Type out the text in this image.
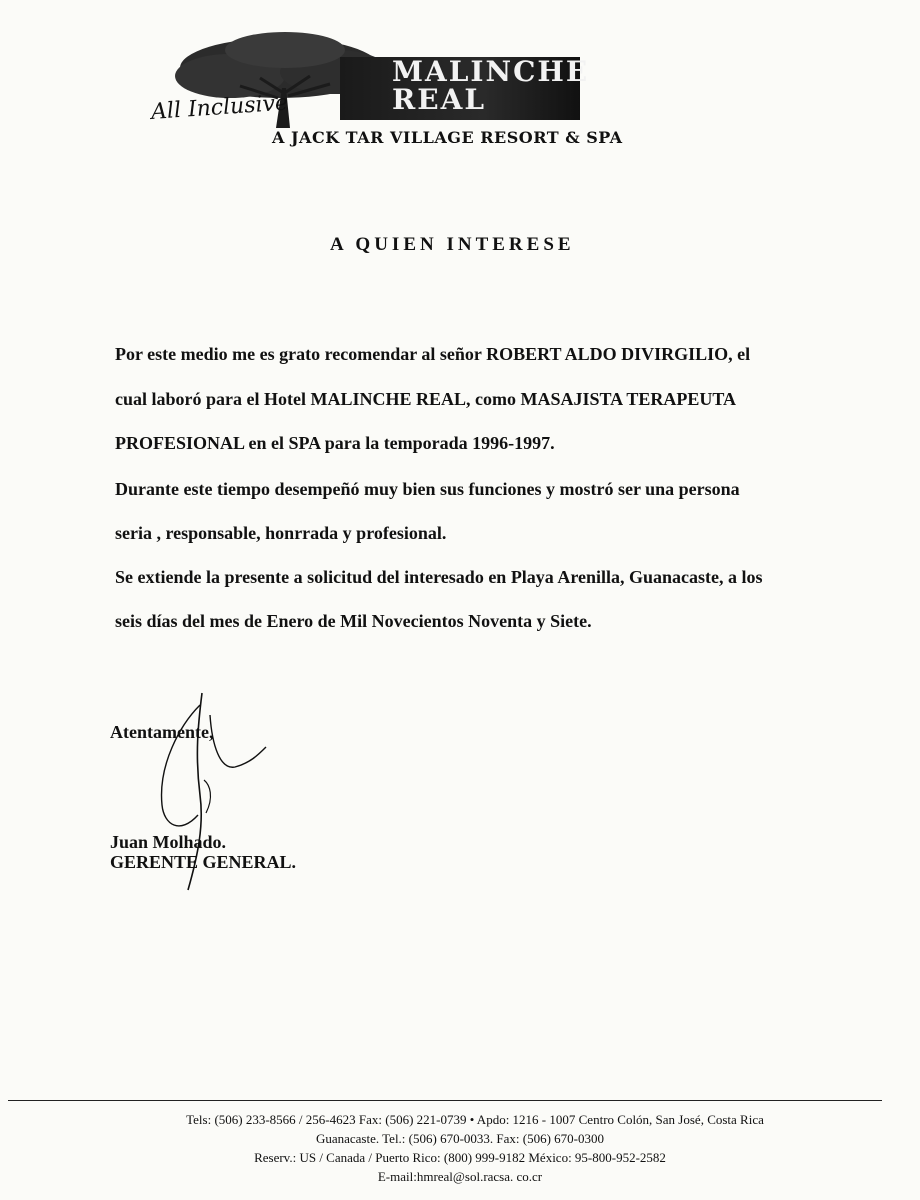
MALINCHE
REAL
All Inclusive
A JACK TAR VILLAGE RESORT & SPA
A QUIEN INTERESE
Por este medio me es grato recomendar al señor ROBERT ALDO DIVIRGILIO, el
cual laboró para el Hotel MALINCHE REAL, como MASAJISTA TERAPEUTA
PROFESIONAL en el SPA para la temporada 1996-1997.
Durante este tiempo desempeñó muy bien sus funciones y mostró ser una persona
seria , responsable, honrrada y profesional.
Se extiende la presente a solicitud del interesado en Playa Arenilla, Guanacaste, a los
seis días del mes de Enero de Mil Novecientos Noventa y Siete.
Atentamente,
Juan Molhado.
GERENTE GENERAL.
Tels: (506) 233-8566 / 256-4623 Fax: (506) 221-0739 • Apdo: 1216 - 1007 Centro Colón, San José, Costa Rica
Guanacaste. Tel.: (506) 670-0033. Fax: (506) 670-0300
Reserv.: US / Canada / Puerto Rico: (800) 999-9182 México: 95-800-952-2582
E-mail:hmreal@sol.racsa. co.cr
